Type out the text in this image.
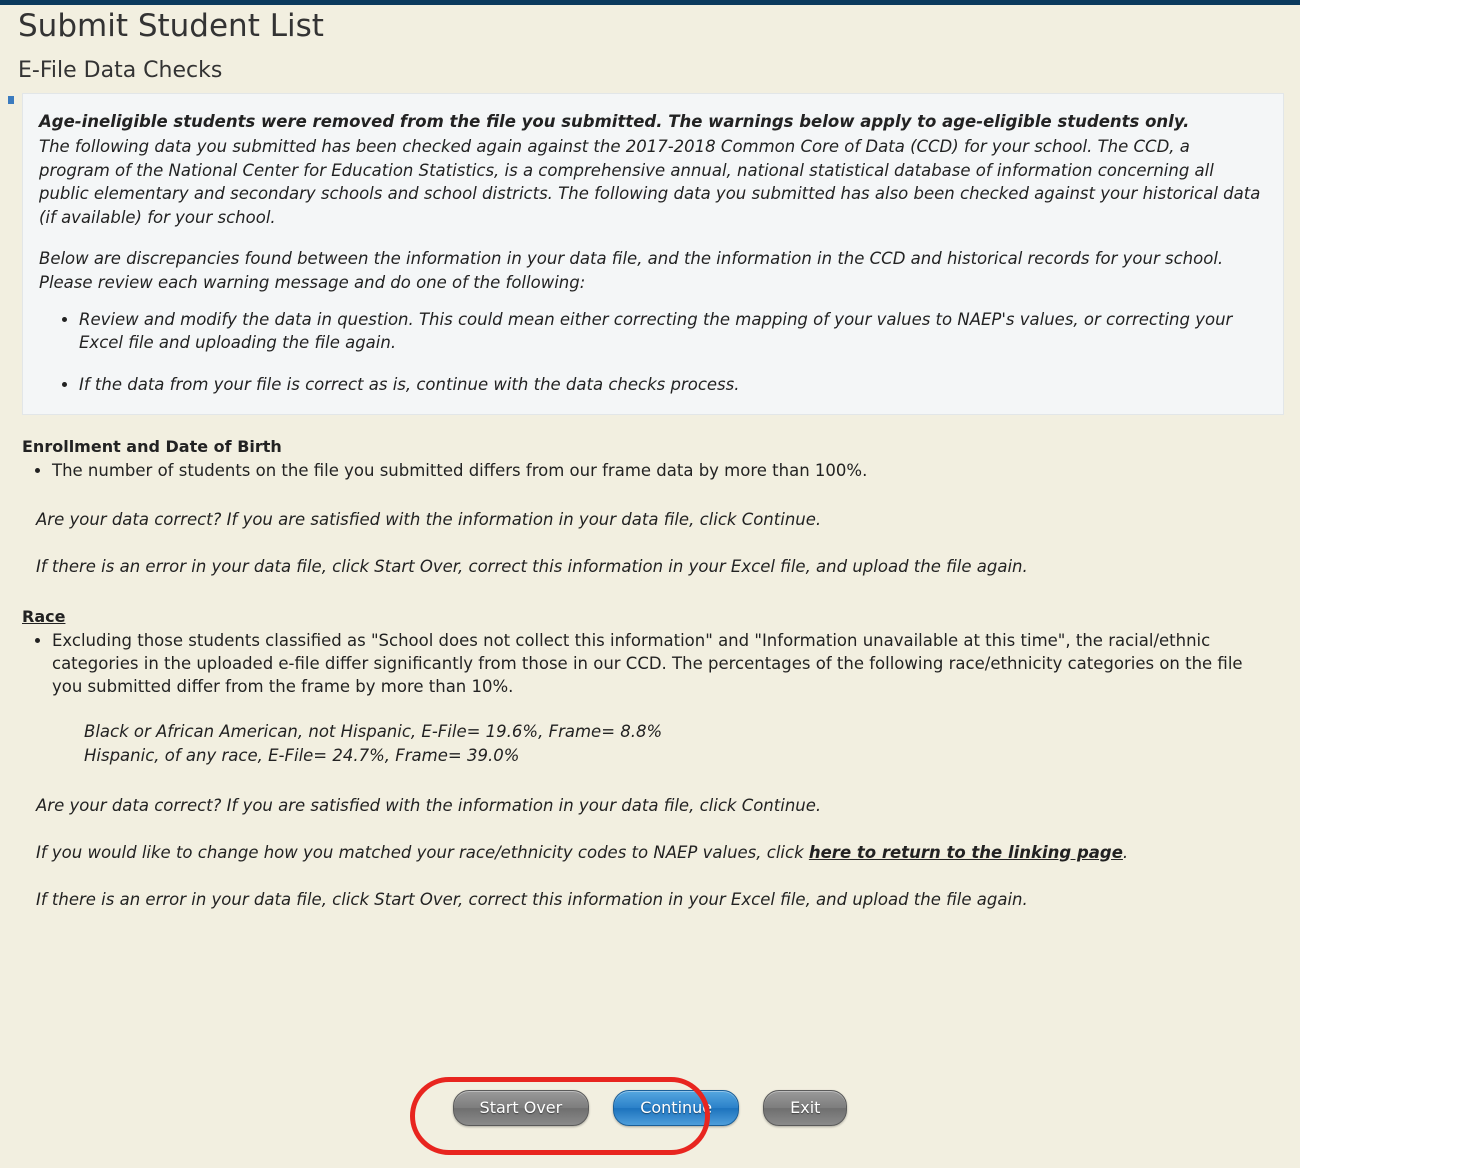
Submit Student List
E-File Data Checks

Age-ineligible students were removed from the file you submitted. The warnings below apply to age-eligible students only.

The following data you submitted has been checked again against the 2017-2018 Common Core of Data (CCD) for your school. The CCD, a program of the National Center for Education Statistics, is a comprehensive annual, national statistical database of information concerning all public elementary and secondary schools and school districts. The following data you submitted has also been checked against your historical data (if available) for your school.

Below are discrepancies found between the information in your data file, and the information in the CCD and historical records for your school. Please review each warning message and do one of the following:

• Review and modify the data in question. This could mean either correcting the mapping of your values to NAEP's values, or correcting your Excel file and uploading the file again.
• If the data from your file is correct as is, continue with the data checks process.
Enrollment and Date of Birth
• The number of students on the file you submitted differs from our frame data by more than 100%.
Are your data correct? If you are satisfied with the information in your data file, click Continue.
If there is an error in your data file, click Start Over, correct this information in your Excel file, and upload the file again.
Race
• Excluding those students classified as "School does not collect this information" and "Information unavailable at this time", the racial/ethnic categories in the uploaded e-file differ significantly from those in our CCD. The percentages of the following race/ethnicity categories on the file you submitted differ from the frame by more than 10%.
Black or African American, not Hispanic, E-File= 19.6%, Frame= 8.8%
Hispanic, of any race, E-File= 24.7%, Frame= 39.0%
Are your data correct? If you are satisfied with the information in your data file, click Continue.
If you would like to change how you matched your race/ethnicity codes to NAEP values, click here to return to the linking page.
If there is an error in your data file, click Start Over, correct this information in your Excel file, and upload the file again.
Start Over	Continue	Exit
